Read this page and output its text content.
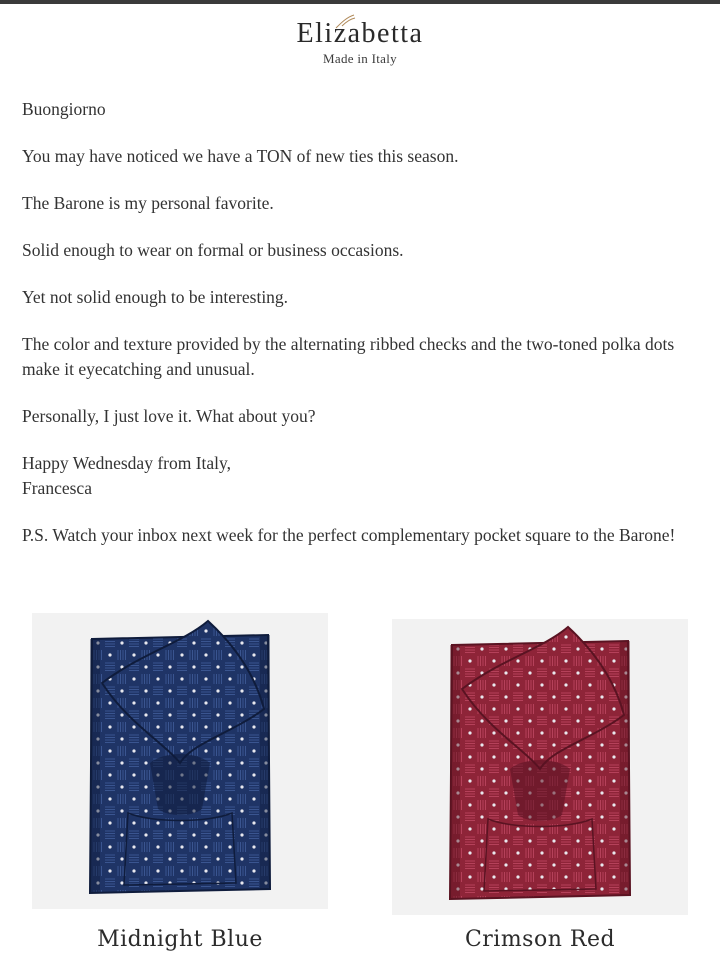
Elizabetta
Made in Italy

Buongiorno

You may have noticed we have a TON of new ties this season.

The Barone is my personal favorite.

Solid enough to wear on formal or business occasions.

Yet not solid enough to be interesting.

The color and texture provided by the alternating ribbed checks and the two-toned polka dots make it eyecatching and unusual.

Personally, I just love it. What about you?

Happy Wednesday from Italy,
Francesca

P.S. Watch your inbox next week for the perfect complementary pocket square to the Barone!

Midnight Blue	Crimson Red
